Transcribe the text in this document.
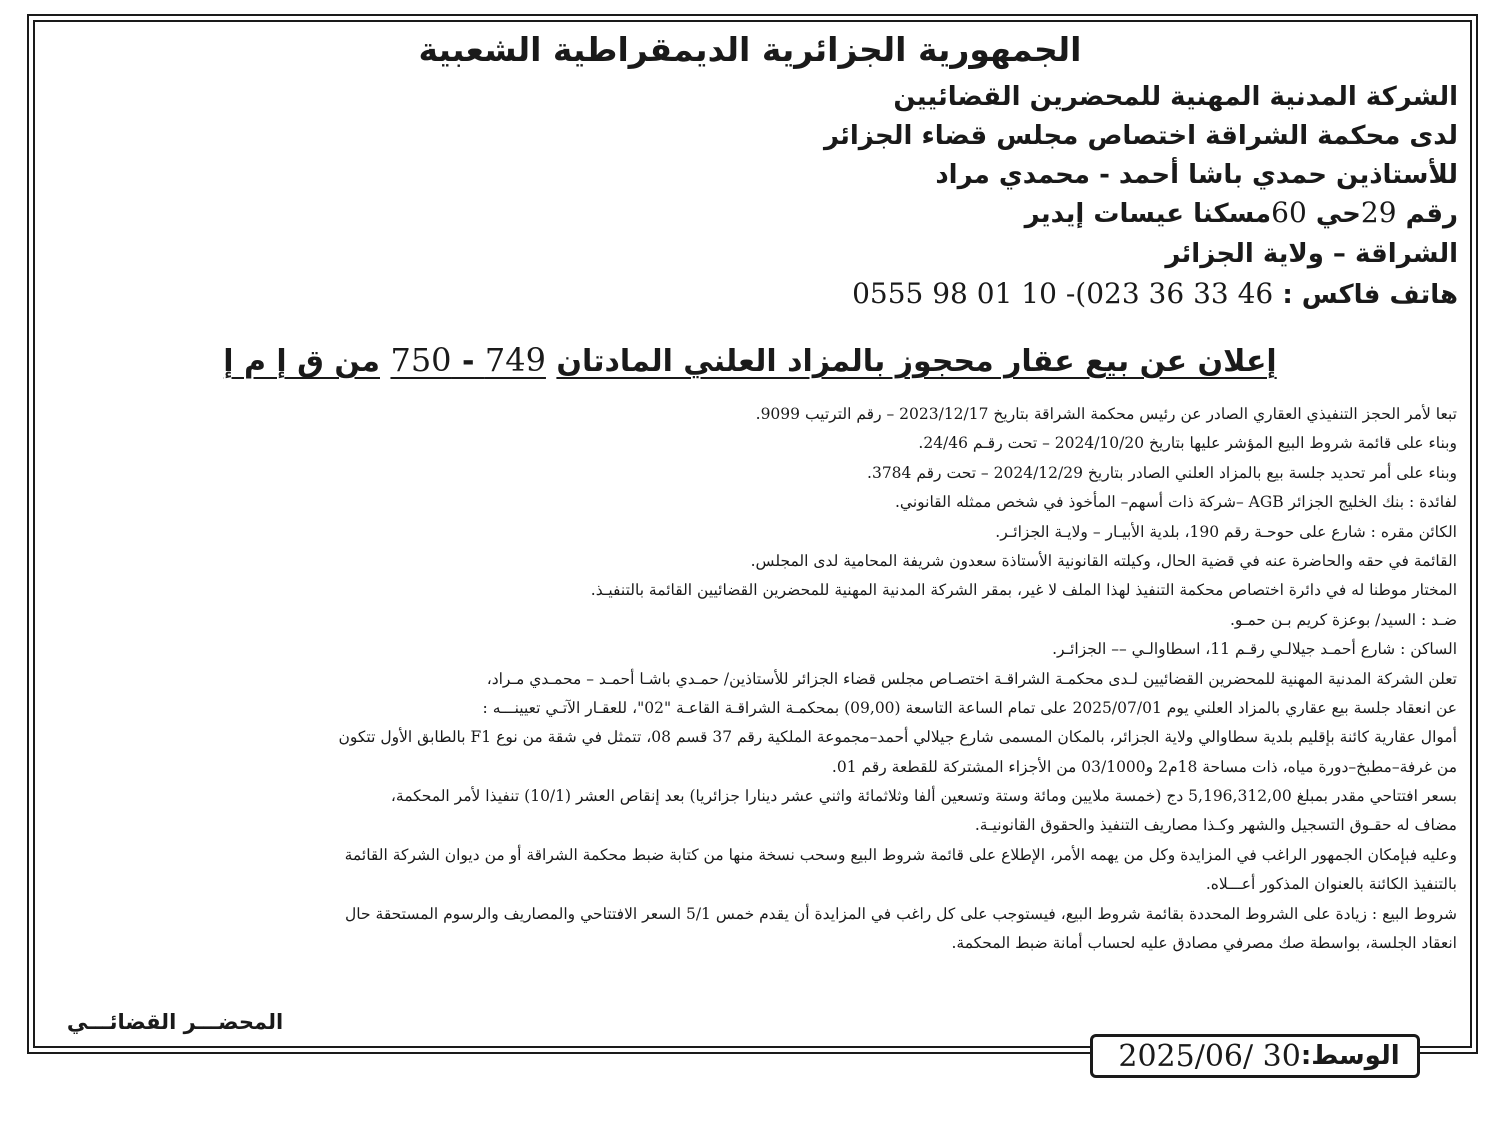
الجمهورية الجزائرية الديمقراطية الشعبية
الشركة المدنية المهنية للمحضرين القضائيين
لدى محكمة الشراقة اختصاص مجلس قضاء الجزائر
للأستاذين حمدي باشا أحمد - محمدي مراد
رقم 29حي 60مسكنا عيسات إيدير
الشراقة – ولاية الجزائر
هاتف فاكس : 0555 98 01 10 -(023 36 33 46
إعلان عن بيع عقار محجوز بالمزاد العلني المادتان 749 - 750 من ق إ م إ
تبعا لأمر الحجز التنفيذي العقاري الصادر عن رئيس محكمة الشراقة بتاريخ 2023/12/17 – رقم الترتيب 9099.
وبناء على قائمة شروط البيع المؤشر عليها بتاريخ 2024/10/20 – تحت رقـم 24/46.
وبناء على أمر تحديد جلسة بيع بالمزاد العلني الصادر بتاريخ 2024/12/29 – تحت رقم 3784.
لفائدة : بنك الخليج الجزائر AGB –شركة ذات أسهم– المأخوذ في شخص ممثله القانوني.
الكائن مقره : شارع على حوحـة رقم 190، بلدية الأبيـار – ولايـة الجزائـر.
القائمة في حقه والحاضرة عنه في قضية الحال، وكيلته القانونية الأستاذة سعدون شريفة المحامية لدى المجلس.
المختار موطنا له في دائرة اختصاص محكمة التنفيذ لهذا الملف لا غير، بمقر الشركة المدنية المهنية للمحضرين القضائيين القائمة بالتنفيـذ.
ضـد : السيد/ بوعزة كريم بـن حمـو.
الساكن : شارع أحمـد جيلالـي رقـم 11، اسطاوالـي –– الجزائـر.
تعلن الشركة المدنية المهنية للمحضرين القضائيين لـدى محكمـة الشراقـة اختصـاص مجلس قضاء الجزائر للأستاذين/ حمـدي باشـا أحمـد – محمـدي مـراد،
عن انعقاد جلسة بيع عقاري بالمزاد العلني يوم 2025/07/01 على تمام الساعة التاسعة (09,00) بمحكمـة الشراقـة القاعـة "02"، للعقـار الآتـي تعيينـــه :
أموال عقارية كائنة بإقليم بلدية سطاوالي ولاية الجزائر، بالمكان المسمى شارع جيلالي أحمد–مجموعة الملكية رقم 37 قسم 08، تتمثل في شقة من نوع F1 بالطابق الأول تتكون
من غرفة–مطبخ–دورة مياه، ذات مساحة 18م2 و03/1000 من الأجزاء المشتركة للقطعة رقم 01.
بسعر افتتاحي مقدر بمبلغ 5,196,312,00 دج (خمسة ملايين ومائة وستة وتسعين ألفا وثلاثمائة واثني عشر دينارا جزائريا) بعد إنقاص العشر (10/1) تنفيذا لأمر المحكمة،
مضاف له حقـوق التسجيل والشهر وكـذا مصاريف التنفيذ والحقوق القانونيـة.
وعليه فبإمكان الجمهور الراغب في المزايدة وكل من يهمه الأمر، الإطلاع على قائمة شروط البيع وسحب نسخة منها من كتابة ضبط محكمة الشراقة أو من ديوان الشركة القائمة
بالتنفيذ الكائنة بالعنوان المذكور أعـــلاه.
شروط البيع : زيادة على الشروط المحددة بقائمة شروط البيع، فيستوجب على كل راغب في المزايدة أن يقدم خمس 5/1 السعر الافتتاحي والمصاريف والرسوم المستحقة حال
انعقاد الجلسة، بواسطة صك مصرفي مصادق عليه لحساب أمانة ضبط المحكمة.
المحضـــر القضائـــي
الوسط:
30 /2025/06
